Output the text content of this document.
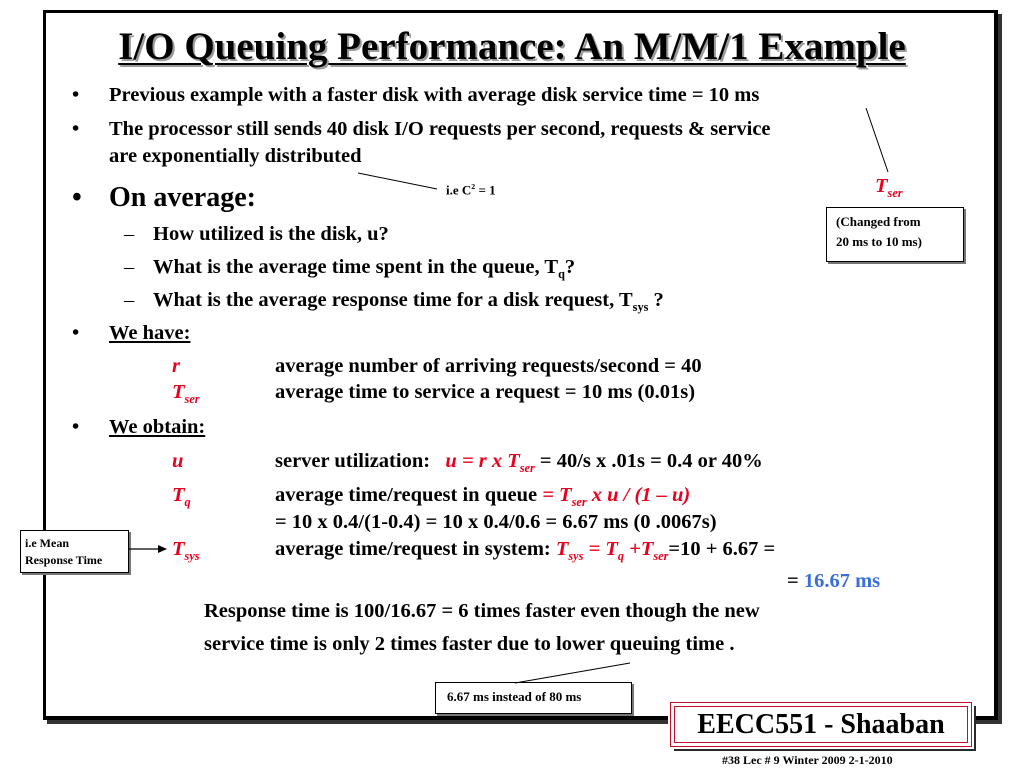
I/O Queuing Performance: An M/M/1 Example
• Previous example with a faster disk with average disk service time = 10 ms
• The processor still sends 40 disk I/O requests per second, requests & service
are exponentially distributed
• On average:	i.e $C^2 = 1$
– How utilized is the disk, u?
– What is the average time spent in the queue, $T_q$?
– What is the average response time for a disk request, $T_{sys}$ ?
• We have:
r	average number of arriving requests/second = 40
$T_{ser}$	average time to service a request = 10 ms (0.01s)
• We obtain:
u	server utilization: u = r x $T_{ser} = 40/s$ x .01s = 0.4 or 40%
$T_q$	average time/request in queue = $T_{ser}$ x u / (1 – u)
= 10 x 0.4/(1-0.4) = 10 x 0.4/0.6 = 6.67 ms (0 .0067s)
$T_{sys}$	average time/request in system: $T_{sys} = T_q +T_{ser}=10 + 6.67$ =
= 16.67 ms
Response time is 100/16.67 = 6 times faster even though the new
service time is only 2 times faster due to lower queuing time .
$T_{ser}$
(Changed from
20 ms to 10 ms)
i.e Mean
Response Time
6.67 ms instead of 80 ms
EECC551 - Shaaban
#38 Lec # 9 Winter 2009 2-1-2010
